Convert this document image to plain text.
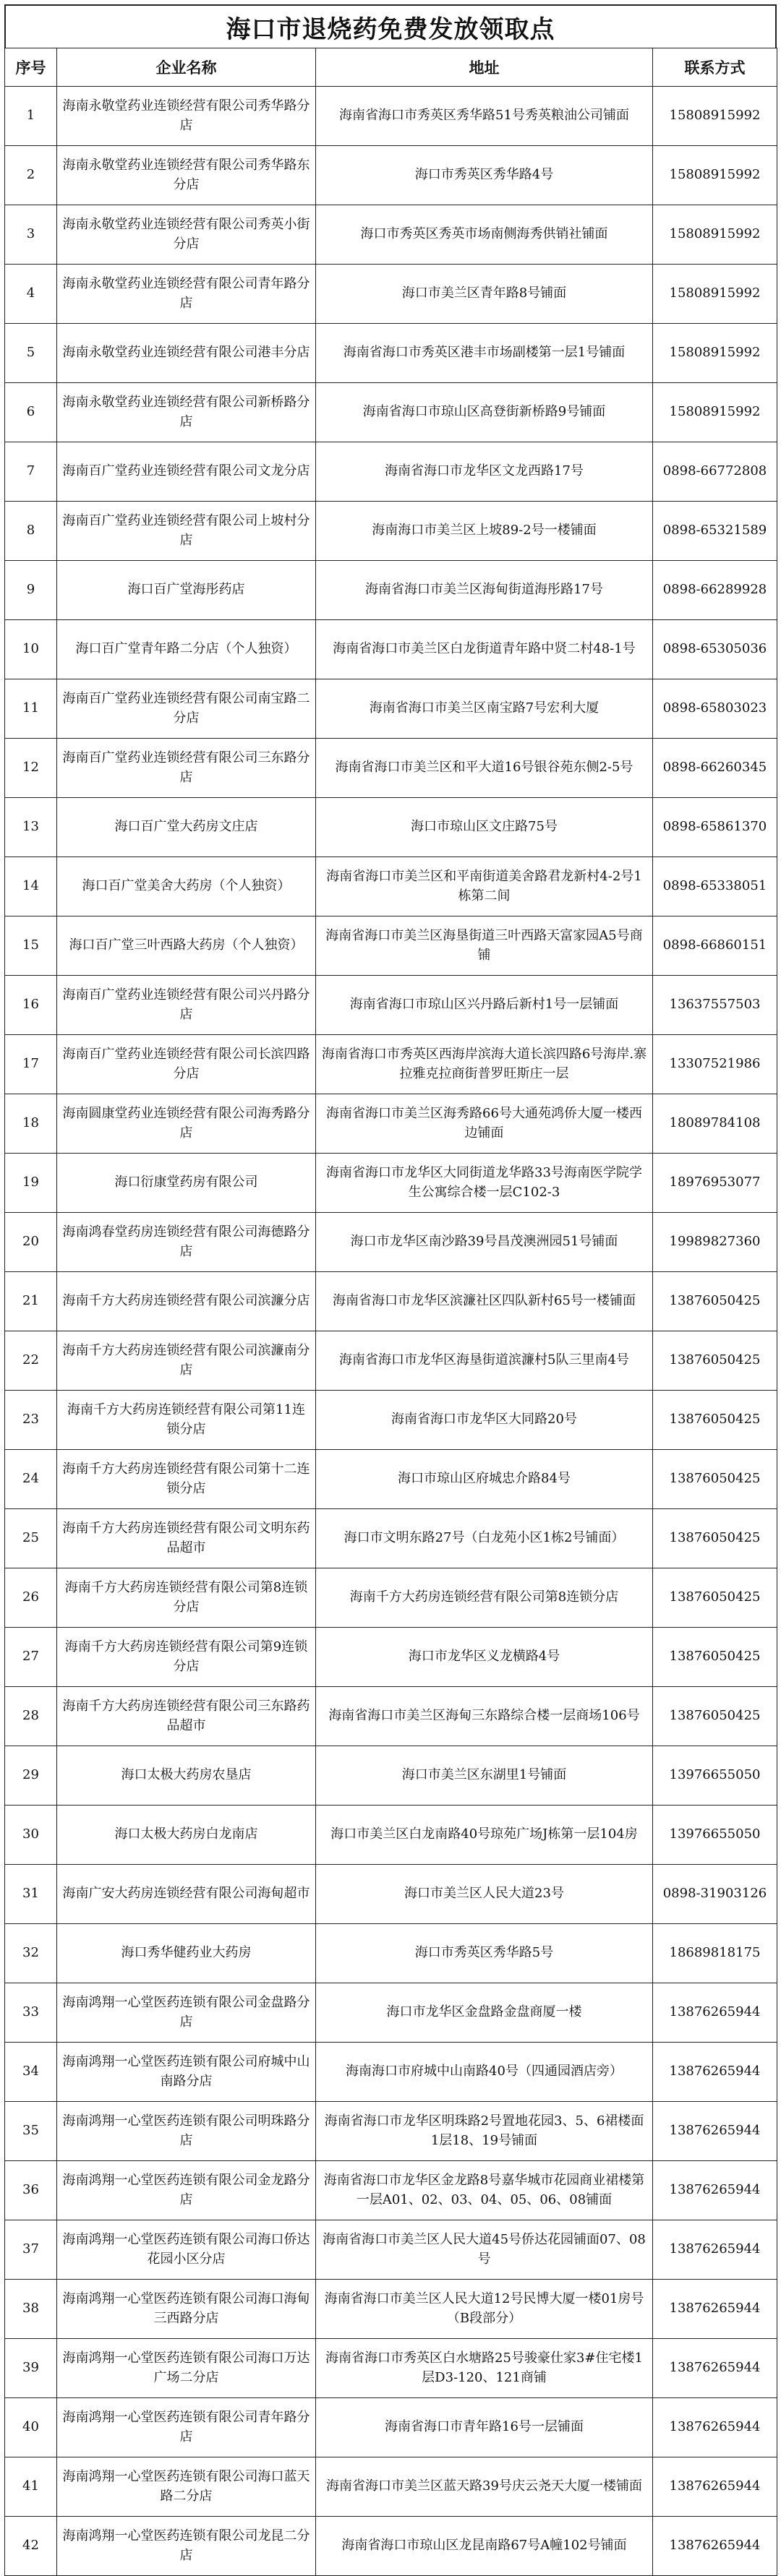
海口市退烧药免费发放领取点
序号	企业名称	地址	联系方式
1	海南永敬堂药业连锁经营有限公司秀华路分店	海南省海口市秀英区秀华路51号秀英粮油公司铺面	15808915992
2	海南永敬堂药业连锁经营有限公司秀华路东分店	海口市秀英区秀华路4号	15808915992
3	海南永敬堂药业连锁经营有限公司秀英小街分店	海口市秀英区秀英市场南侧海秀供销社铺面	15808915992
4	海南永敬堂药业连锁经营有限公司青年路分店	海口市美兰区青年路8号铺面	15808915992
5	海南永敬堂药业连锁经营有限公司港丰分店	海南省海口市秀英区港丰市场副楼第一层1号铺面	15808915992
6	海南永敬堂药业连锁经营有限公司新桥路分店	海南省海口市琼山区高登街新桥路9号铺面	15808915992
7	海南百广堂药业连锁经营有限公司文龙分店	海南省海口市龙华区文龙西路17号	0898-66772808
8	海南百广堂药业连锁经营有限公司上坡村分店	海南海口市美兰区上坡89-2号一楼铺面	0898-65321589
9	海口百广堂海彤药店	海南省海口市美兰区海甸街道海彤路17号	0898-66289928
10	海口百广堂青年路二分店（个人独资）	海南省海口市美兰区白龙街道青年路中贤二村48-1号	0898-65305036
11	海南百广堂药业连锁经营有限公司南宝路二分店	海南省海口市美兰区南宝路7号宏利大厦	0898-65803023
12	海南百广堂药业连锁经营有限公司三东路分店	海南省海口市美兰区和平大道16号银谷苑东侧2-5号	0898-66260345
13	海口百广堂大药房文庄店	海口市琼山区文庄路75号	0898-65861370
14	海口百广堂美舍大药房（个人独资）	海南省海口市美兰区和平南街道美舍路君龙新村4-2号1栋第二间	0898-65338051
15	海口百广堂三叶西路大药房（个人独资）	海南省海口市美兰区海垦街道三叶西路天富家园A5号商铺	0898-66860151
16	海南百广堂药业连锁经营有限公司兴丹路分店	海南省海口市琼山区兴丹路后新村1号一层铺面	13637557503
17	海南百广堂药业连锁经营有限公司长滨四路分店	海南省海口市秀英区西海岸滨海大道长滨四路6号海岸.寨拉雅克拉商街普罗旺斯庄一层	13307521986
18	海南圆康堂药业连锁经营有限公司海秀路分店	海南省海口市美兰区海秀路66号大通苑鸿侨大厦一楼西边铺面	18089784108
19	海口衍康堂药房有限公司	海南省海口市龙华区大同街道龙华路33号海南医学院学生公寓综合楼一层C102-3	18976953077
20	海南鸿春堂药房连锁经营有限公司海德路分店	海口市龙华区南沙路39号昌茂澳洲园51号铺面	19989827360
21	海南千方大药房连锁经营有限公司滨濂分店	海南省海口市龙华区滨濂社区四队新村65号一楼铺面	13876050425
22	海南千方大药房连锁经营有限公司滨濂南分店	海南省海口市龙华区海垦街道滨濂村5队三里南4号	13876050425
23	海南千方大药房连锁经营有限公司第11连锁分店	海南省海口市龙华区大同路20号	13876050425
24	海南千方大药房连锁经营有限公司第十二连锁分店	海口市琼山区府城忠介路84号	13876050425
25	海南千方大药房连锁经营有限公司文明东药品超市	海口市文明东路27号（白龙苑小区1栋2号铺面）	13876050425
26	海南千方大药房连锁经营有限公司第8连锁分店	海南千方大药房连锁经营有限公司第8连锁分店	13876050425
27	海南千方大药房连锁经营有限公司第9连锁分店	海口市龙华区义龙横路4号	13876050425
28	海南千方大药房连锁经营有限公司三东路药品超市	海南省海口市美兰区海甸三东路综合楼一层商场106号	13876050425
29	海口太极大药房农垦店	海口市美兰区东湖里1号铺面	13976655050
30	海口太极大药房白龙南店	海口市美兰区白龙南路40号琼苑广场J栋第一层104房	13976655050
31	海南广安大药房连锁经营有限公司海甸超市	海口市美兰区人民大道23号	0898-31903126
32	海口秀华健药业大药房	海口市秀英区秀华路5号	18689818175
33	海南鸿翔一心堂医药连锁有限公司金盘路分店	海口市龙华区金盘路金盘商厦一楼	13876265944
34	海南鸿翔一心堂医药连锁有限公司府城中山南路分店	海南海口市府城中山南路40号（四通园酒店旁）	13876265944
35	海南鸿翔一心堂医药连锁有限公司明珠路分店	海南省海口市龙华区明珠路2号置地花园3、5、6裙楼面1层18、19号铺面	13876265944
36	海南鸿翔一心堂医药连锁有限公司金龙路分店	海南省海口市龙华区金龙路8号嘉华城市花园商业裙楼第一层A01、02、03、04、05、06、08铺面	13876265944
37	海南鸿翔一心堂医药连锁有限公司海口侨达花园小区分店	海南省海口市美兰区人民大道45号侨达花园铺面07、08号	13876265944
38	海南鸿翔一心堂医药连锁有限公司海口海甸三西路分店	海南省海口市美兰区人民大道12号民博大厦一楼01房号（B段部分）	13876265944
39	海南鸿翔一心堂医药连锁有限公司海口万达广场二分店	海南省海口市秀英区白水塘路25号骏豪仕家3#住宅楼1层D3-120、121商铺	13876265944
40	海南鸿翔一心堂医药连锁有限公司青年路分店	海南省海口市青年路16号一层铺面	13876265944
41	海南鸿翔一心堂医药连锁有限公司海口蓝天路二分店	海南省海口市美兰区蓝天路39号庆云尧天大厦一楼铺面	13876265944
42	海南鸿翔一心堂医药连锁有限公司龙昆二分店	海南省海口市琼山区龙昆南路67号A幢102号铺面	13876265944
